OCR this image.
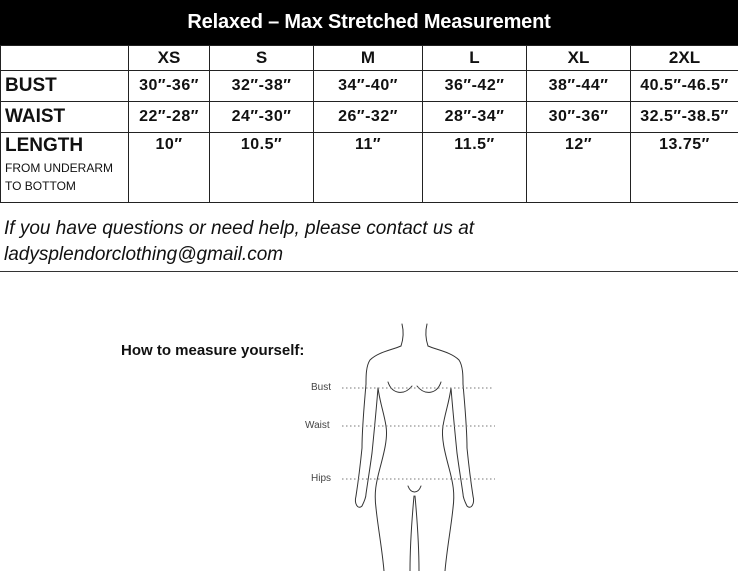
Relaxed – Max Stretched Measurement
	XS	S	M	L	XL	2XL
BUST	30″-36″	32″-38″	34″-40″	36″-42″	38″-44″	40.5″-46.5″
WAIST	22″-28″	24″-30″	26″-32″	28″-34″	30″-36″	32.5″-38.5″

LENGTH
FROM UNDERARM
TO BOTTOM	10″	10.5″	11″	11.5″	12″	13.75″
If you have questions or need help, please contact us at
ladysplendorclothing@gmail.com
How to measure yourself:
Bust
Waist
Hips
